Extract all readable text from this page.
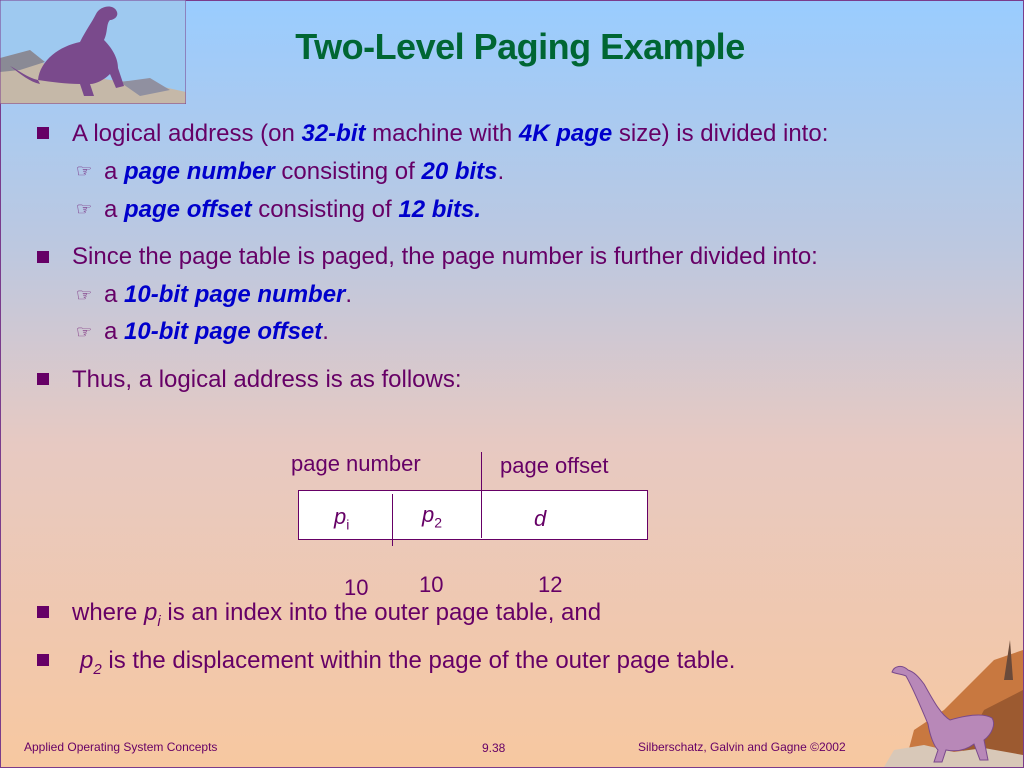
Two-Level Paging Example
A logical address (on 32-bit machine with 4K page size) is divided into:
☞ a page number consisting of 20 bits.
☞ a page offset consisting of 12 bits.
Since the page table is paged, the page number is further divided into:
☞ a 10-bit page number.
☞ a 10-bit page offset.
Thus, a logical address is as follows:
page number	page offset
$p_i$	$p_2$	d
10 10	12
where $p_i$ is an index into the outer page table, and
$p_2$ is the displacement within the page of the outer page table.
Applied Operating System Concepts	9.38	Silberschatz, Galvin and Gagne ©2002
